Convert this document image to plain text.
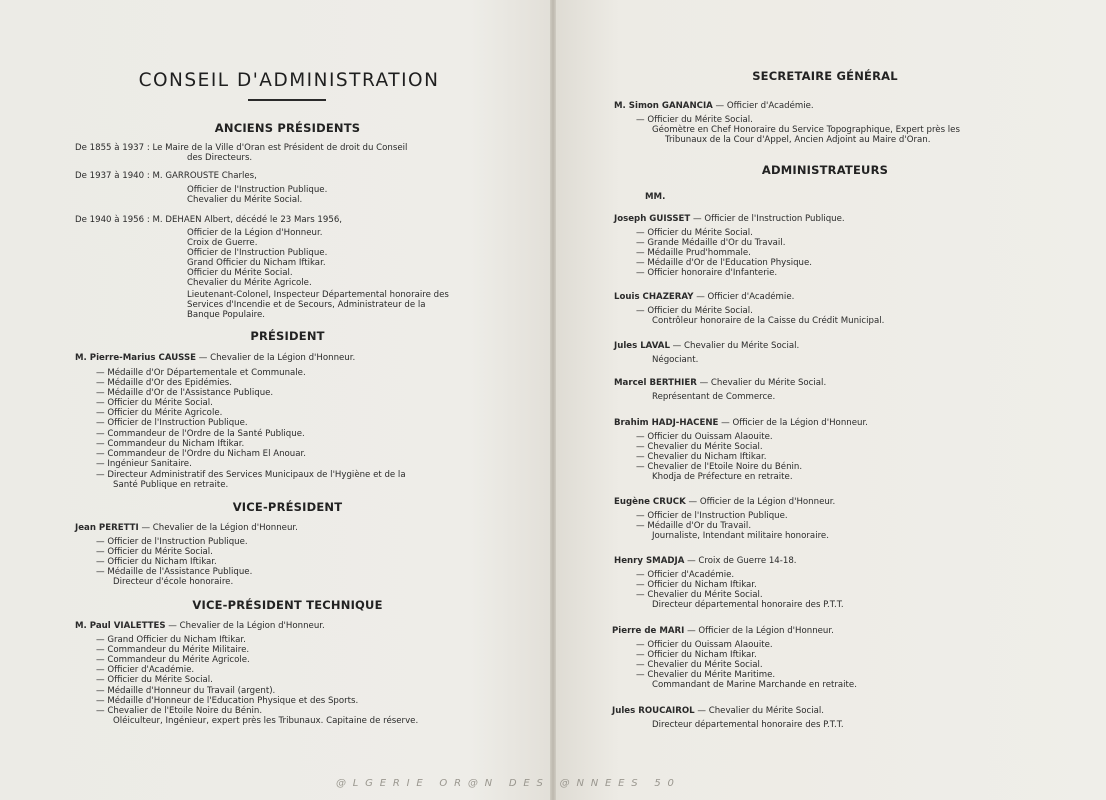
CONSEIL D'ADMINISTRATION
ANCIENS PRÉSIDENTS
De 1855 à 1937 : Le Maire de la Ville d'Oran est Président de droit du Conseil
des Directeurs.
De 1937 à 1940 : M. GARROUSTE Charles,
Officier de l'Instruction Publique.
Chevalier du Mérite Social.
De 1940 à 1956 : M. DEHAEN Albert, décédé le 23 Mars 1956,
Officier de la Légion d'Honneur.
Croix de Guerre.
Officier de l'Instruction Publique.
Grand Officier du Nicham Iftikar.
Officier du Mérite Social.
Chevalier du Mérite Agricole.
Lieutenant-Colonel, Inspecteur Départemental honoraire des
Services d'Incendie et de Secours, Administrateur de la
Banque Populaire.
PRÉSIDENT
M. Pierre-Marius CAUSSE — Chevalier de la Légion d'Honneur.
— Médaille d'Or Départementale et Communale.
— Médaille d'Or des Epidémies.
— Médaille d'Or de l'Assistance Publique.
— Officier du Mérite Social.
— Officier du Mérite Agricole.
— Officier de l'Instruction Publique.
— Commandeur de l'Ordre de la Santé Publique.
— Commandeur du Nicham Iftikar.
— Commandeur de l'Ordre du Nicham El Anouar.
— Ingénieur Sanitaire.
— Directeur Administratif des Services Municipaux de l'Hygiène et de la
Santé Publique en retraite.
VICE-PRÉSIDENT
Jean PERETTI — Chevalier de la Légion d'Honneur.
— Officier de l'Instruction Publique.
— Officier du Mérite Social.
— Officier du Nicham Iftikar.
— Médaille de l'Assistance Publique.
Directeur d'école honoraire.
VICE-PRÉSIDENT TECHNIQUE
M. Paul VIALETTES — Chevalier de la Légion d'Honneur.
— Grand Officier du Nicham Iftikar.
— Commandeur du Mérite Militaire.
— Commandeur du Mérite Agricole.
— Officier d'Académie.
— Officier du Mérite Social.
— Médaille d'Honneur du Travail (argent).
— Médaille d'Honneur de l'Education Physique et des Sports.
— Chevalier de l'Etoile Noire du Bénin.
Oléiculteur, Ingénieur, expert près les Tribunaux. Capitaine de réserve.
SECRETAIRE GÉNÉRAL
M. Simon GANANCIA — Officier d'Académie.
— Officier du Mérite Social.
Géomètre en Chef Honoraire du Service Topographique, Expert près les
Tribunaux de la Cour d'Appel, Ancien Adjoint au Maire d'Oran.
ADMINISTRATEURS
MM.
Joseph GUISSET — Officier de l'Instruction Publique.
— Officier du Mérite Social.
— Grande Médaille d'Or du Travail.
— Médaille Prud'hommale.
— Médaille d'Or de l'Education Physique.
— Officier honoraire d'Infanterie.
Louis CHAZERAY — Officier d'Académie.
— Officier du Mérite Social.
Contrôleur honoraire de la Caisse du Crédit Municipal.
Jules LAVAL — Chevalier du Mérite Social.
Négociant.
Marcel BERTHIER — Chevalier du Mérite Social.
Représentant de Commerce.
Brahim HADJ-HACENE — Officier de la Légion d'Honneur.
— Officier du Ouissam Alaouite.
— Chevalier du Mérite Social.
— Chevalier du Nicham Iftikar.
— Chevalier de l'Etoile Noire du Bénin.
Khodja de Préfecture en retraite.
Eugène CRUCK — Officier de la Légion d'Honneur.
— Officier de l'Instruction Publique.
— Médaille d'Or du Travail.
Journaliste, Intendant militaire honoraire.
Henry SMADJA — Croix de Guerre 14-18.
— Officier d'Académie.
— Officier du Nicham Iftikar.
— Chevalier du Mérite Social.
Directeur départemental honoraire des P.T.T.
Pierre de MARI — Officier de la Légion d'Honneur.
— Officier du Ouissam Alaouite.
— Officier du Nicham Iftikar.
— Chevalier du Mérite Social.
— Chevalier du Mérite Maritime.
Commandant de Marine Marchande en retraite.
Jules ROUCAIROL — Chevalier du Mérite Social.
Directeur départemental honoraire des P.T.T.
@LGERIE OR@N DES @NNEES 50
